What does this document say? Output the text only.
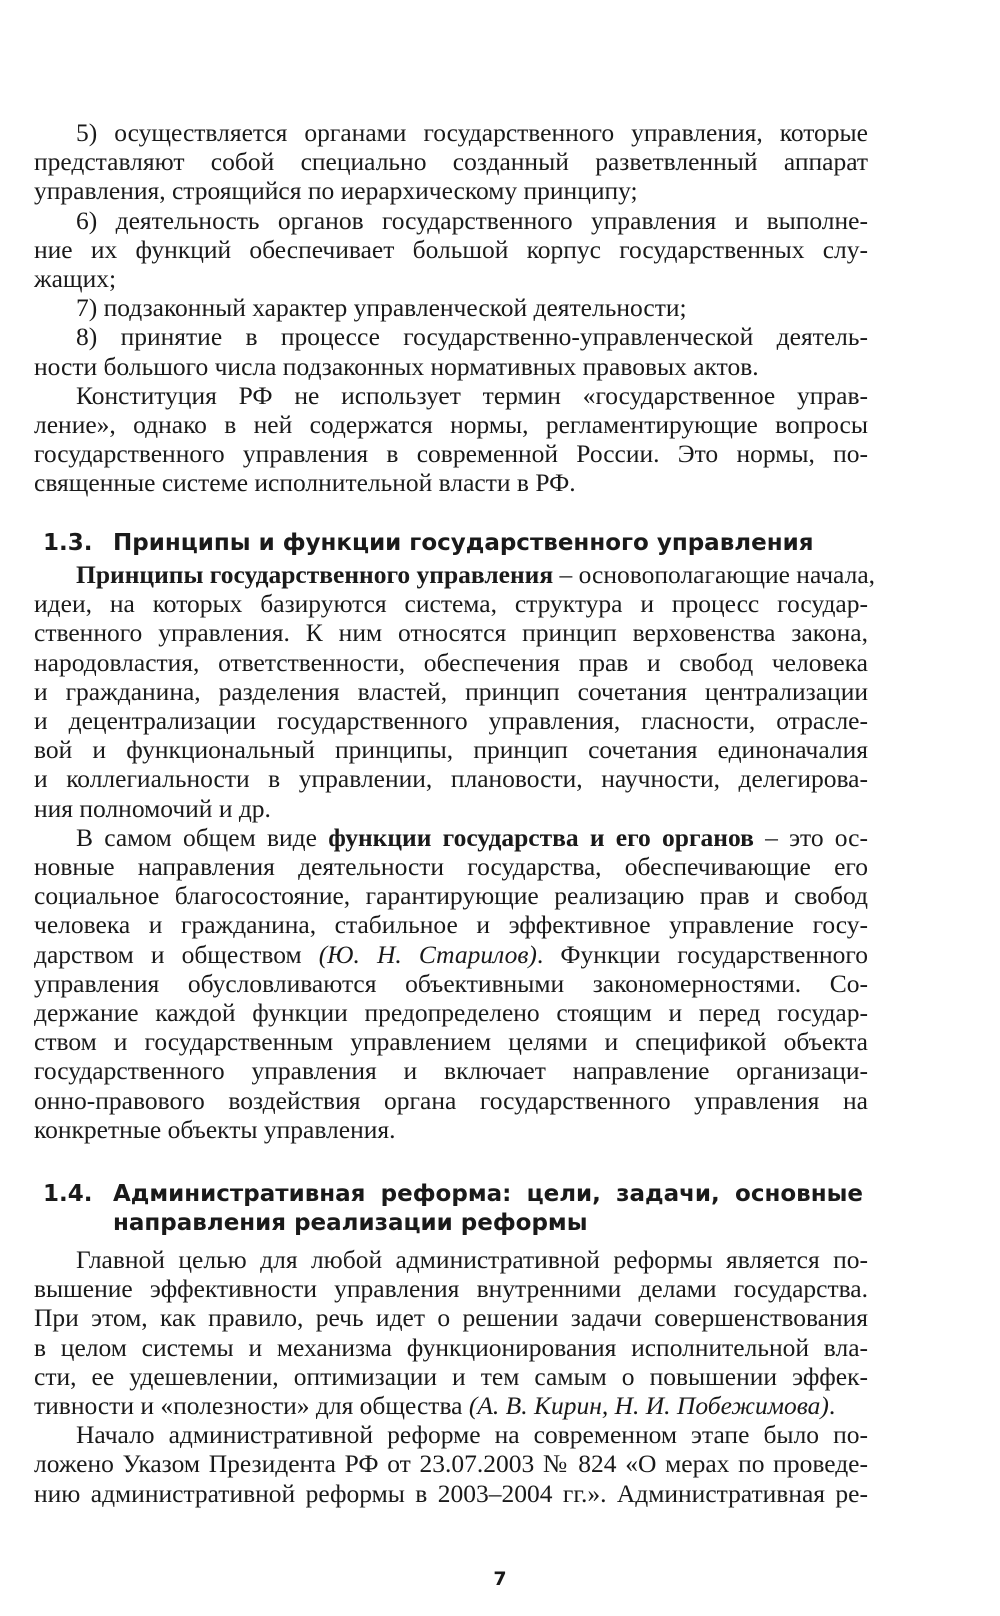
5) осуществляется органами государственного управления, которые
представляют собой специально созданный разветвленный аппарат
управления, строящийся по иерархическому принципу;
6) деятельность органов государственного управления и выполне-
ние их функций обеспечивает большой корпус государственных слу-
жащих;
7) подзаконный характер управленческой деятельности;
8) принятие в процессе государственно-управленческой деятель-
ности большого числа подзаконных нормативных правовых актов.
Конституция РФ не использует термин «государственное управ-
ление», однако в ней содержатся нормы, регламентирующие вопросы
государственного управления в современной России. Это нормы, по-
священные системе исполнительной власти в РФ.
1.3. Принципы и функции государственного управления
Принципы государственного управления – основополагающие начала,
идеи, на которых базируются система, структура и процесс государ-
ственного управления. К ним относятся принцип верховенства закона,
народовластия, ответственности, обеспечения прав и свобод человека
и гражданина, разделения властей, принцип сочетания централизации
и децентрализации государственного управления, гласности, отрасле-
вой и функциональный принципы, принцип сочетания единоначалия
и коллегиальности в управлении, плановости, научности, делегирова-
ния полномочий и др.
В самом общем виде функции государства и его органов – это ос-
новные направления деятельности государства, обеспечивающие его
социальное благосостояние, гарантирующие реализацию прав и свобод
человека и гражданина, стабильное и эффективное управление госу-
дарством и обществом (Ю. Н. Старилов). Функции государственного
управления обусловливаются объективными закономерностями. Со-
держание каждой функции предопределено стоящим и перед государ-
ством и государственным управлением целями и спецификой объекта
государственного управления и включает направление организаци-
онно-правового воздействия органа государственного управления на
конкретные объекты управления.
1.4. Административная реформа: цели, задачи, основные
направления реализации реформы
Главной целью для любой административной реформы является по-
вышение эффективности управления внутренними делами государства.
При этом, как правило, речь идет о решении задачи совершенствования
в целом системы и механизма функционирования исполнительной вла-
сти, ее удешевлении, оптимизации и тем самым о повышении эффек-
тивности и «полезности» для общества (А. В. Кирин, Н. И. Побежимова).
Начало административной реформе на современном этапе было по-
ложено Указом Президента РФ от 23.07.2003 № 824 «О мерах по проведе-
нию административной реформы в 2003–2004 гг.». Административная ре-
7
